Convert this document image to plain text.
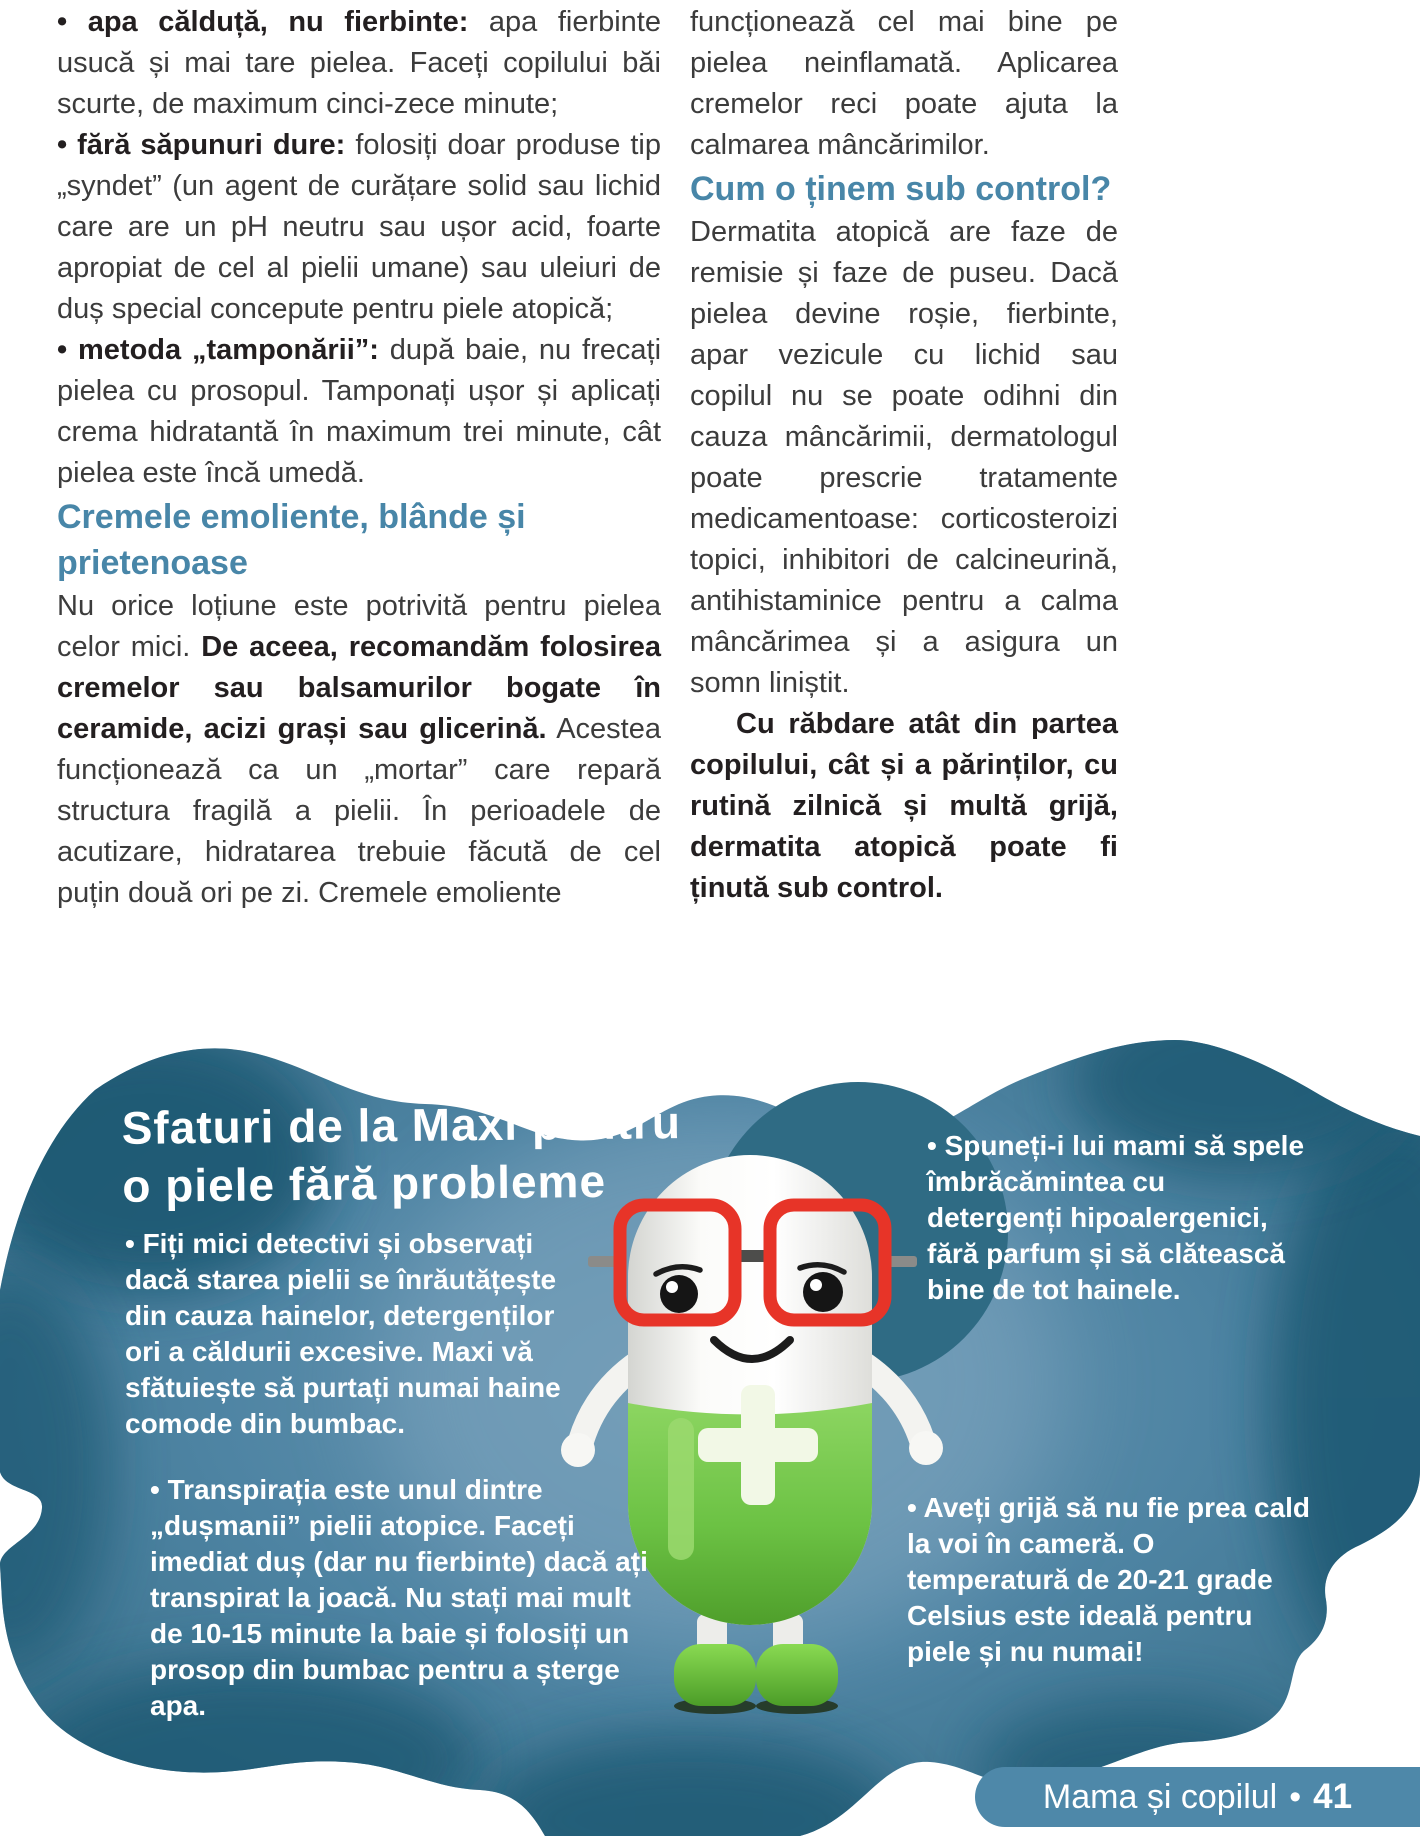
• apa călduță, nu fierbinte: apa fierbinte usucă și mai tare pielea. Faceți copilului băi scurte, de maximum cinci-zece minute;

• fără săpunuri dure: folosiți doar produse tip „syndet” (un agent de curățare solid sau lichid care are un pH neutru sau ușor acid, foarte apropiat de cel al pielii umane) sau uleiuri de duș special concepute pentru piele atopică;

• metoda „tamponării”: după baie, nu frecați pielea cu prosopul. Tamponați ușor și aplicați crema hidratantă în maximum trei minute, cât pielea este încă umedă.

Cremele emoliente, blânde și prietenoase

Nu orice loțiune este potrivită pentru pielea celor mici. De aceea, recomandăm folosirea cremelor sau balsamurilor bogate în ceramide, acizi grași sau glicerină. Acestea funcționează ca un „mortar” care repară structura fragilă a pielii. În perioadele de acutizare, hidratarea trebuie făcută de cel puțin două ori pe zi. Cremele emoliente

funcționează cel mai bine pe pielea neinflamată. Aplicarea cremelor reci poate ajuta la calmarea mâncărimilor.

Cum o ținem sub control?

Dermatita atopică are faze de remisie și faze de puseu. Dacă pielea devine roșie, fierbinte, apar vezicule cu lichid sau copilul nu se poate odihni din cauza mâncărimii, dermatologul poate prescrie tratamente medicamentoase: corticosteroizi topici, inhibitori de calcineurină, antihistaminice pentru a calma mâncărimea și a asigura un somn liniștit.

Cu răbdare atât din partea copilului, cât și a părinților, cu rutină zilnică și multă grijă, dermatita atopică poate fi ținută sub control.

Sfaturi de la Maxi pentru
o piele fără probleme
• Fiți mici detectivi și observați dacă starea pielii se înrăutățește din cauza hainelor, detergenților ori a căldurii excesive. Maxi vă sfătuiește să purtați numai haine comode din bumbac.
• Spuneți-i lui mami să spele îmbrăcămintea cu detergenți hipoalergenici, fără parfum și să clătească bine de tot hainele.
• Transpirația este unul dintre „dușmanii” pielii atopice. Faceți imediat duș (dar nu fierbinte) dacă ați transpirat la joacă. Nu stați mai mult de 10-15 minute la baie și folosiți un prosop din bumbac pentru a șterge apa.
• Aveți grijă să nu fie prea cald la voi în cameră. O temperatură de 20-21 grade Celsius este ideală pentru piele și nu numai!
Mama și copilul • 41
